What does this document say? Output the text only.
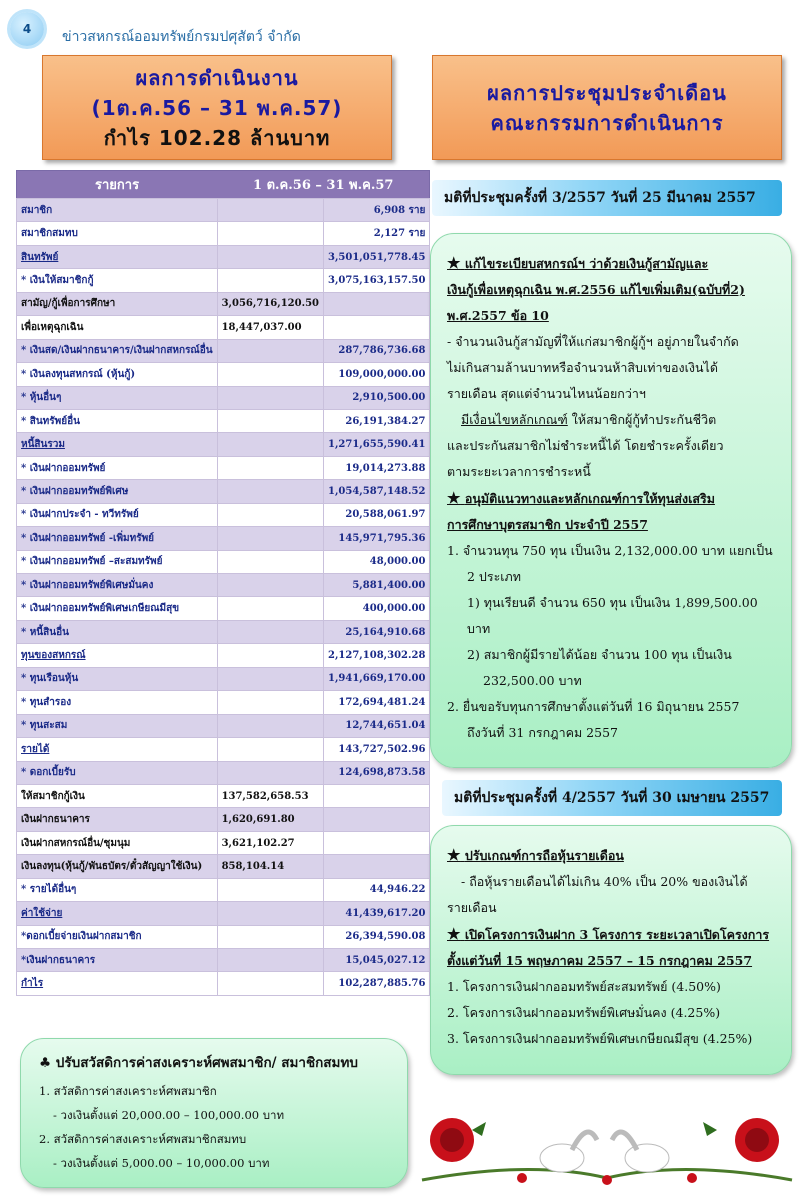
4 ข่าวสหกรณ์ออมทรัพย์กรมปศุสัตว์ จำกัด
ผลการดำเนินงาน
(1ต.ค.56 – 31 พ.ค.57)
กำไร 102.28 ล้านบาท
ผลการประชุมประจำเดือน
คณะกรรมการดำเนินการ
รายการ	1 ต.ค.56 – 31 พ.ค.57	
สมาชิก		6,908 ราย
สมาชิกสมทบ		2,127 ราย
สินทรัพย์		3,501,051,778.45
* เงินให้สมาชิกกู้		3,075,163,157.50
สามัญ/กู้เพื่อการศึกษา	3,056,716,120.50	
เพื่อเหตุฉุกเฉิน	18,447,037.00	
* เงินสด/เงินฝากธนาคาร/เงินฝากสหกรณ์อื่น		287,786,736.68
* เงินลงทุนสหกรณ์ (หุ้นกู้)		109,000,000.00
* หุ้นอื่นๆ		2,910,500.00
* สินทรัพย์อื่น		26,191,384.27
หนี้สินรวม		1,271,655,590.41
* เงินฝากออมทรัพย์		19,014,273.88
* เงินฝากออมทรัพย์พิเศษ		1,054,587,148.52
* เงินฝากประจำ - ทวีทรัพย์		20,588,061.97
* เงินฝากออมทรัพย์ -เพิ่มทรัพย์		145,971,795.36
* เงินฝากออมทรัพย์ –สะสมทรัพย์		48,000.00
* เงินฝากออมทรัพย์พิเศษมั่นคง		5,881,400.00
* เงินฝากออมทรัพย์พิเศษเกษียณมีสุข		400,000.00
* หนี้สินอื่น		25,164,910.68
ทุนของสหกรณ์		2,127,108,302.28
* ทุนเรือนหุ้น		1,941,669,170.00
* ทุนสำรอง		172,694,481.24
* ทุนสะสม		12,744,651.04
รายได้		143,727,502.96
* ดอกเบี้ยรับ		124,698,873.58
ให้สมาชิกกู้เงิน	137,582,658.53	
เงินฝากธนาคาร	1,620,691.80	
เงินฝากสหกรณ์อื่น/ชุมนุม	3,621,102.27	
เงินลงทุน(หุ้นกู้/พันธบัตร/ตั๋วสัญญาใช้เงิน)	858,104.14	
* รายได้อื่นๆ		44,946.22
ค่าใช้จ่าย		41,439,617.20
*ดอกเบี้ยจ่ายเงินฝากสมาชิก		26,394,590.08
*เงินฝากธนาคาร		15,045,027.12
กำไร		102,287,885.76
♣ ปรับสวัสดิการค่าสงเคราะห์ศพสมาชิก/ สมาชิกสมทบ
1. สวัสดิการค่าสงเคราะห์ศพสมาชิก
- วงเงินตั้งแต่ 20,000.00 – 100,000.00 บาท
2. สวัสดิการค่าสงเคราะห์ศพสมาชิกสมทบ
- วงเงินตั้งแต่ 5,000.00 – 10,000.00 บาท
มติที่ประชุมครั้งที่ 3/2557 วันที่ 25 มีนาคม 2557
★ แก้ไขระเบียบสหกรณ์ฯ ว่าด้วยเงินกู้สามัญและ
เงินกู้เพื่อเหตุฉุกเฉิน พ.ศ.2556 แก้ไขเพิ่มเติม(ฉบับที่2)
พ.ศ.2557 ข้อ 10
- จำนวนเงินกู้สามัญที่ให้แก่สมาชิกผู้กู้ฯ อยู่ภายในจำกัด
ไม่เกินสามล้านบาทหรือจำนวนห้าสิบเท่าของเงินได้
รายเดือน สุดแต่จำนวนไหนน้อยกว่าฯ
มีเงื่อนไขหลักเกณฑ์ ให้สมาชิกผู้กู้ทำประกันชีวิต
และประกันสมาชิกไม่ชำระหนี้ได้ โดยชำระครั้งเดียว
ตามระยะเวลาการชำระหนี้
★ อนุมัติแนวทางและหลักเกณฑ์การให้ทุนส่งเสริม
การศึกษาบุตรสมาชิก ประจำปี 2557
1. จำนวนทุน 750 ทุน เป็นเงิน 2,132,000.00 บาท แยกเป็น
2 ประเภท
1) ทุนเรียนดี จำนวน 650 ทุน เป็นเงิน 1,899,500.00 บาท
2) สมาชิกผู้มีรายได้น้อย จำนวน 100 ทุน เป็นเงิน
232,500.00 บาท
2. ยื่นขอรับทุนการศึกษาตั้งแต่วันที่ 16 มิถุนายน 2557
ถึงวันที่ 31 กรกฎาคม 2557
มติที่ประชุมครั้งที่ 4/2557 วันที่ 30 เมษายน 2557
★ ปรับเกณฑ์การถือหุ้นรายเดือน
- ถือหุ้นรายเดือนได้ไม่เกิน 40% เป็น 20% ของเงินได้
รายเดือน
★ เปิดโครงการเงินฝาก 3 โครงการ ระยะเวลาเปิดโครงการ
ตั้งแต่วันที่ 15 พฤษภาคม 2557 – 15 กรกฎาคม 2557
1. โครงการเงินฝากออมทรัพย์สะสมทรัพย์ (4.50%)
2. โครงการเงินฝากออมทรัพย์พิเศษมั่นคง (4.25%)
3. โครงการเงินฝากออมทรัพย์พิเศษเกษียณมีสุข (4.25%)
